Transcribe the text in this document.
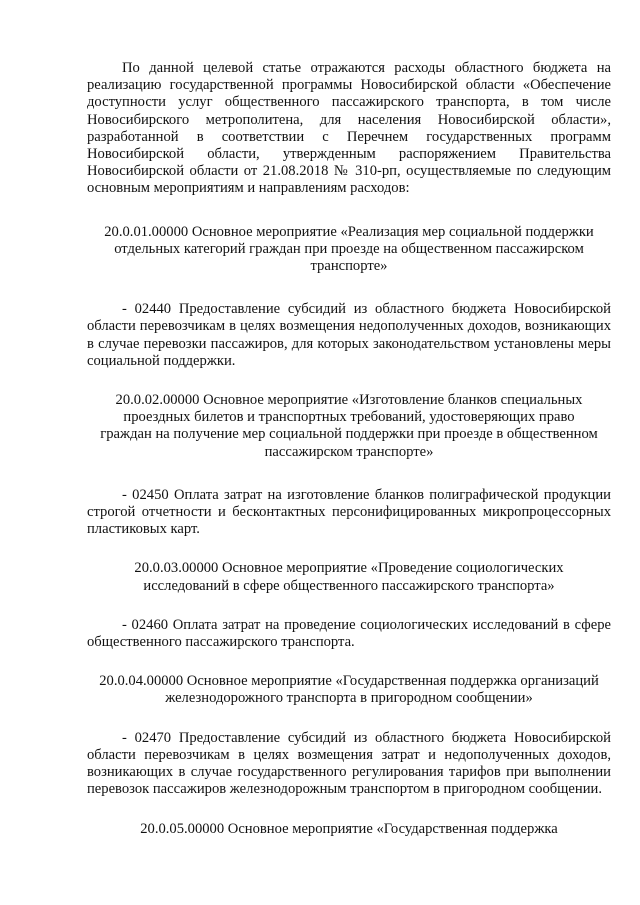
По данной целевой статье отражаются расходы областного бюджета на реализацию государственной программы Новосибирской области «Обеспечение доступности услуг общественного пассажирского транспорта, в том числе Новосибирского метрополитена, для населения Новосибирской области», разработанной в соответствии с Перечнем государственных программ Новосибирской области, утвержденным распоряжением Правительства Новосибирской области от 21.08.2018 № 310-рп, осуществляемые по следующим основным мероприятиям и направлениям расходов:

20.0.01.00000 Основное мероприятие «Реализация мер социальной поддержки отдельных категорий граждан при проезде на общественном пассажирском транспорте»

- 02440 Предоставление субсидий из областного бюджета Новосибирской области перевозчикам в целях возмещения недополученных доходов, возникающих в случае перевозки пассажиров, для которых законодательством установлены меры социальной поддержки.

20.0.02.00000 Основное мероприятие «Изготовление бланков специальных проездных билетов и транспортных требований, удостоверяющих право граждан на получение мер социальной поддержки при проезде в общественном пассажирском транспорте»

- 02450 Оплата затрат на изготовление бланков полиграфической продукции строгой отчетности и бесконтактных персонифицированных микропроцессорных пластиковых карт.

20.0.03.00000 Основное мероприятие «Проведение социологических исследований в сфере общественного пассажирского транспорта»

- 02460 Оплата затрат на проведение социологических исследований в сфере общественного пассажирского транспорта.

20.0.04.00000 Основное мероприятие «Государственная поддержка организаций железнодорожного транспорта в пригородном сообщении»

- 02470 Предоставление субсидий из областного бюджета Новосибирской области перевозчикам в целях возмещения затрат и недополученных доходов, возникающих в случае государственного регулирования тарифов при выполнении перевозок пассажиров железнодорожным транспортом в пригородном сообщении.

20.0.05.00000 Основное мероприятие «Государственная поддержка
